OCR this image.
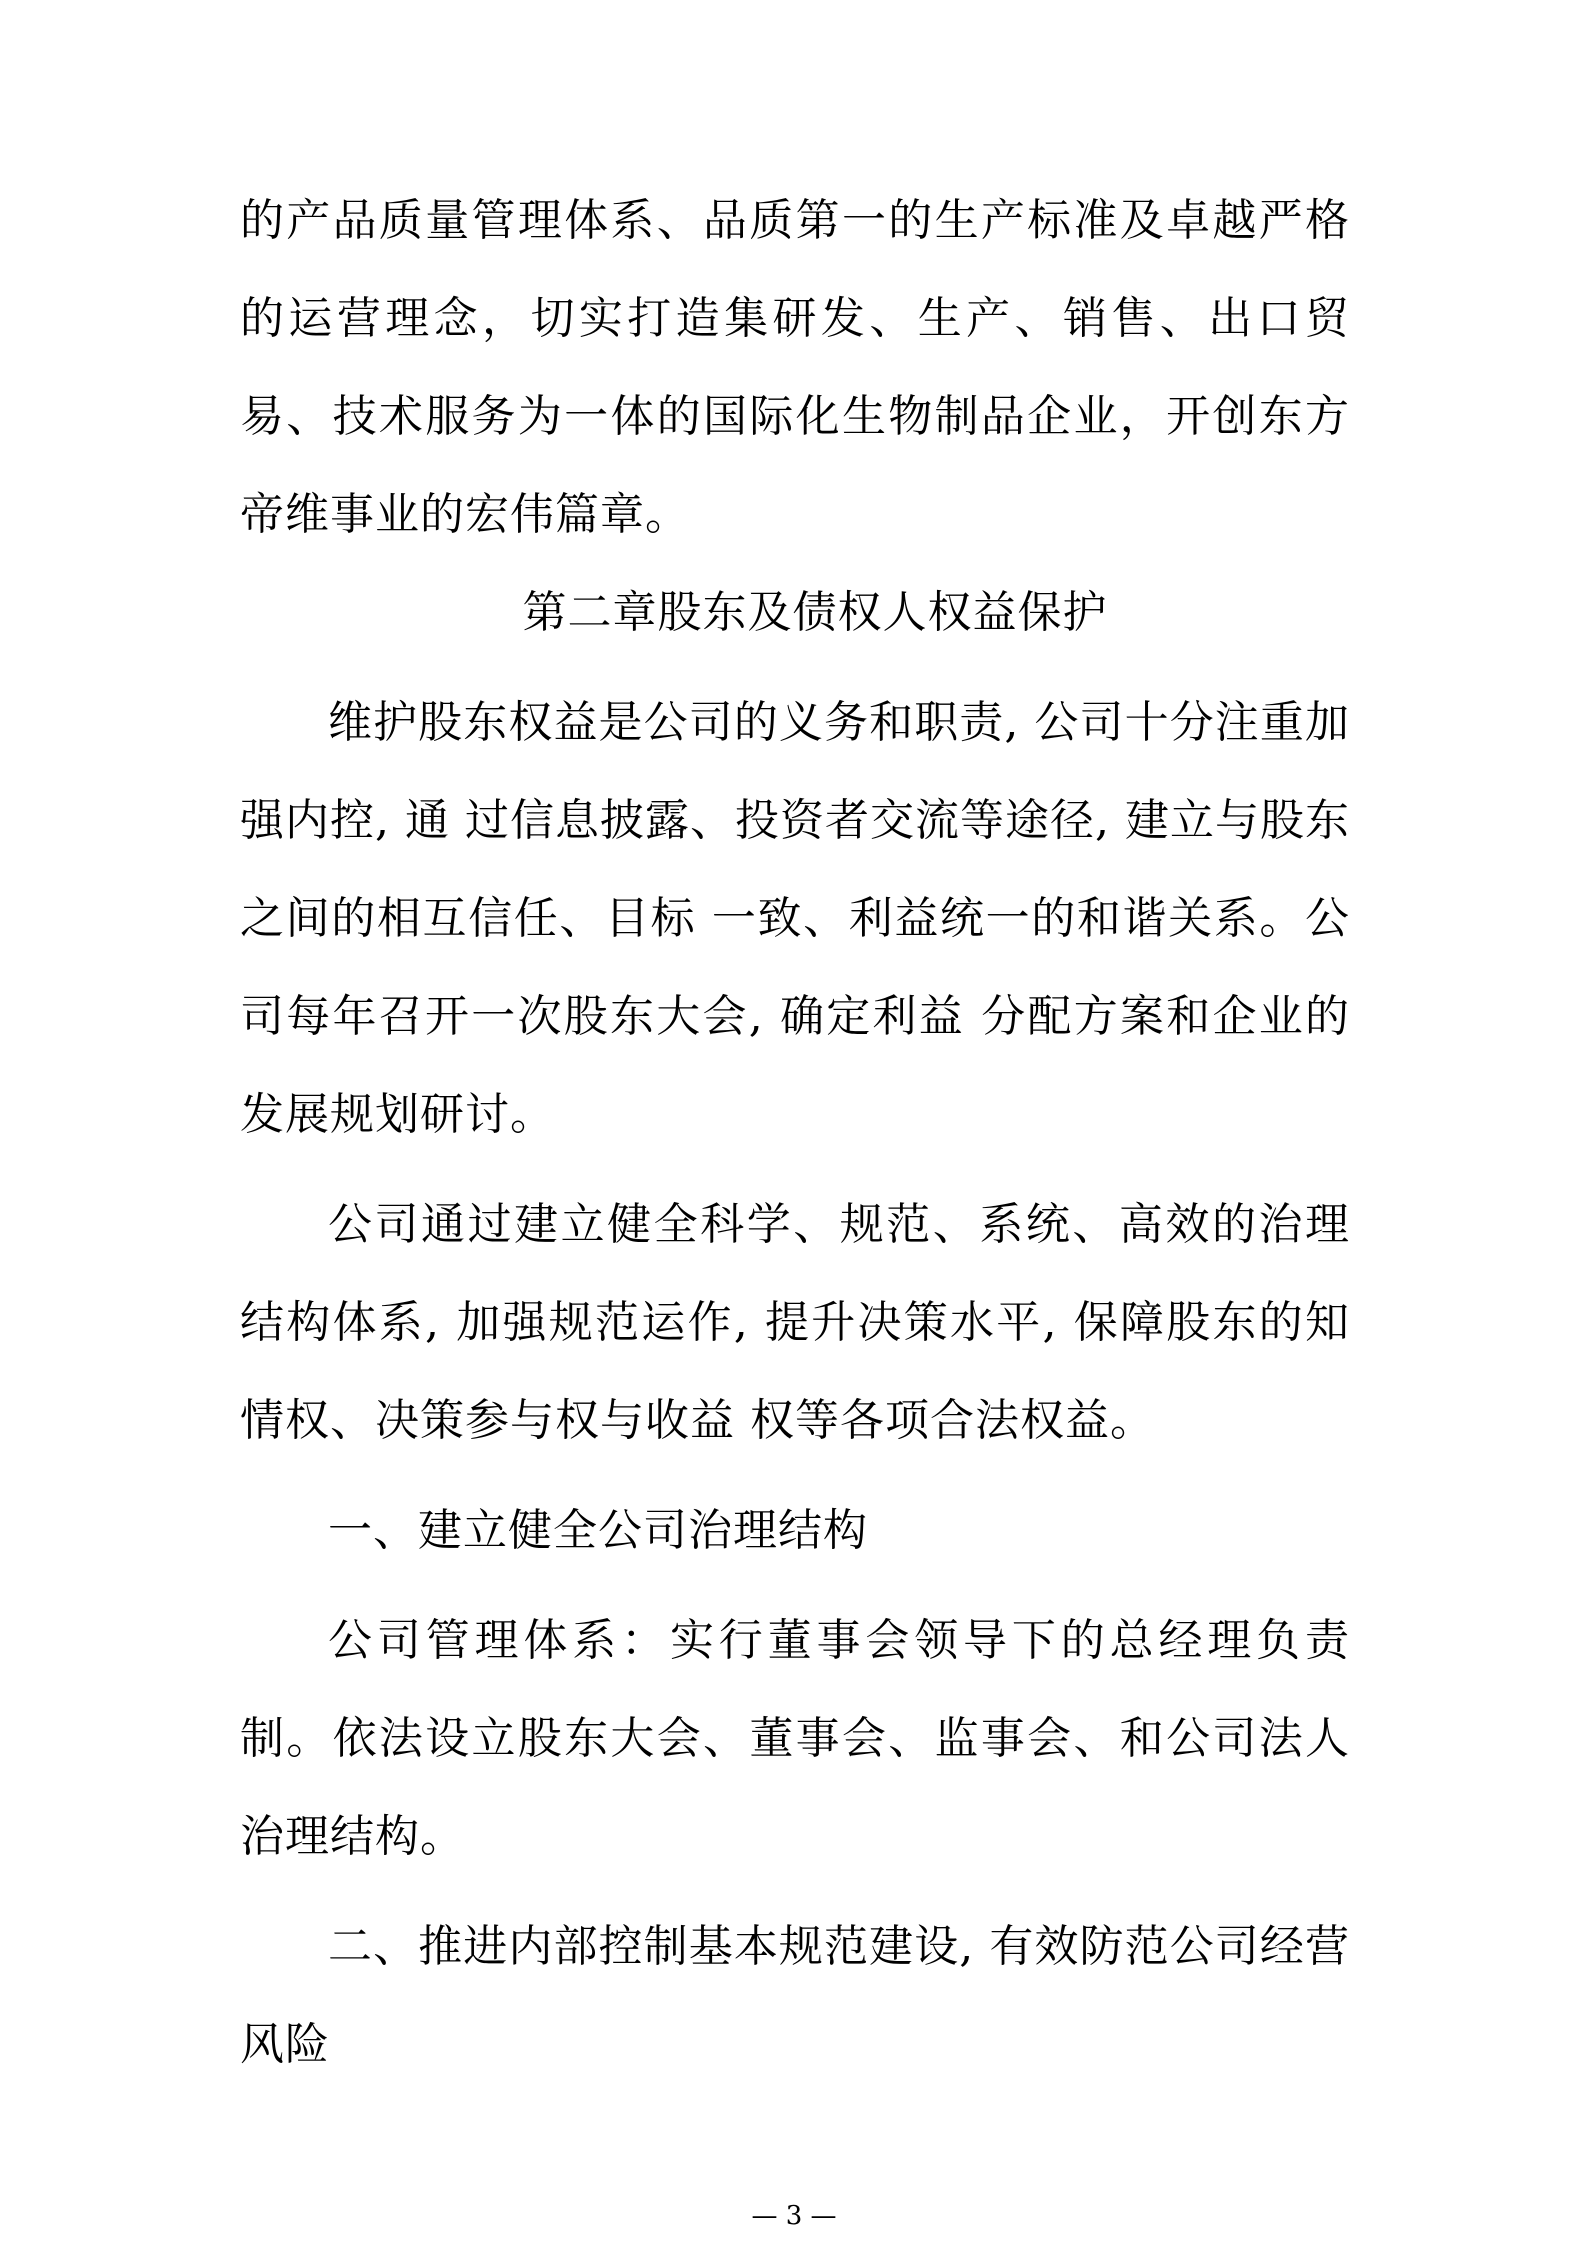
的产品质量管理体系、品质第一的生产标准及卓越严格的运营理念，切实打造集研发、生产、销售、出口贸易、技术服务为一体的国际化生物制品企业，开创东方帝维事业的宏伟篇章。

第二章股东及债权人权益保护

维护股东权益是公司的义务和职责, 公司十分注重加强内控, 通 过信息披露、投资者交流等途径, 建立与股东之间的相互信任、目标 一致、利益统一的和谐关系。公司每年召开一次股东大会, 确定利益 分配方案和企业的发展规划研讨。

公司通过建立健全科学、规范、系统、高效的治理结构体系, 加强规范运作, 提升决策水平, 保障股东的知情权、决策参与权与收益 权等各项合法权益。

一、建立健全公司治理结构

公司管理体系：实行董事会领导下的总经理负责制。依法设立股东大会、董事会、监事会、和公司法人治理结构。

二、推进内部控制基本规范建设, 有效防范公司经营风险

— 3 —
